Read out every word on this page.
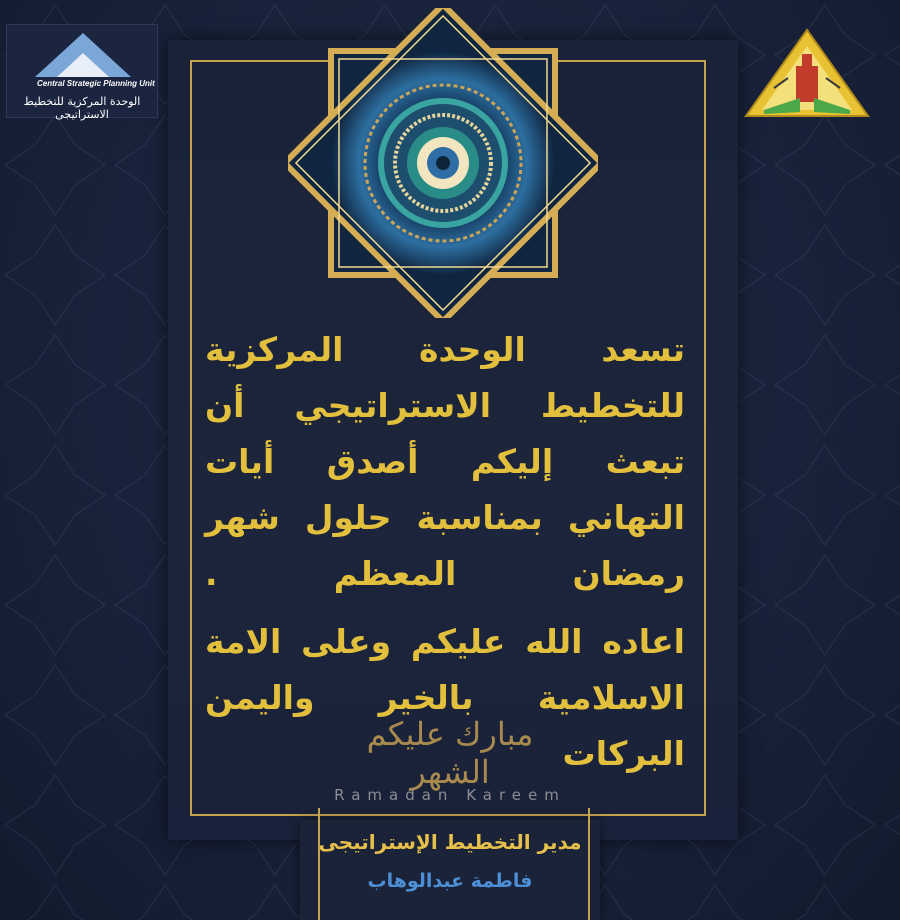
مدير التخطيط الإستراتيجى
فاطمة عبدالوهاب

تسعد الوحدة المركزية للتخطيط الاستراتيجي أن تبعث إليكم أصدق أيات التهاني بمناسبة حلول شهر رمضان المعظم .

اعاده الله عليكم وعلى الامة الاسلامية بالخير واليمن البركات

مبارك عليكم الشهر
Ramadan Kareem
Central Strategic Planning Unit
الوحدة المركزية للتخطيط الاستراتيجى
